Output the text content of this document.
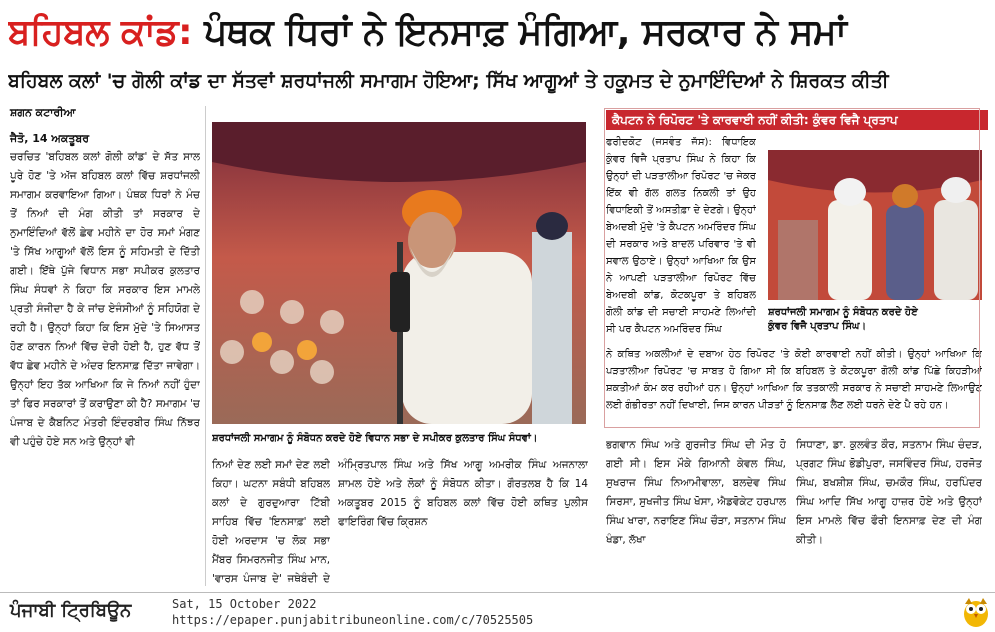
ਬਹਿਬਲ ਕਾਂਡ: ਪੰਥਕ ਧਿਰਾਂ ਨੇ ਇਨਸਾਫ਼ ਮੰਗਿਆ, ਸਰਕਾਰ ਨੇ ਸਮਾਂ
ਬਹਿਬਲ ਕਲਾਂ 'ਚ ਗੋਲੀ ਕਾਂਡ ਦਾ ਸੱਤਵਾਂ ਸ਼ਰਧਾਂਜਲੀ ਸਮਾਗਮ ਹੋਇਆ; ਸਿੱਖ ਆਗੂਆਂ ਤੇ ਹਕੂਮਤ ਦੇ ਨੁਮਾਇੰਦਿਆਂ ਨੇ ਸ਼ਿਰਕਤ ਕੀਤੀ
ਸ਼ਗਨ ਕਟਾਰੀਆ
ਜੈਤੋ, 14 ਅਕਤੂਬਰ
ਚਰਚਿਤ 'ਬਹਿਬਲ ਕਲਾਂ ਗੋਲੀ ਕਾਂਡ' ਦੇ ਸੱਤ ਸਾਲ ਪੂਰੇ ਹੋਣ 'ਤੇ ਅੱਜ ਬਹਿਬਲ ਕਲਾਂ ਵਿੱਚ ਸ਼ਰਧਾਂਜਲੀ ਸਮਾਗਮ ਕਰਵਾਇਆ ਗਿਆ। ਪੰਥਕ ਧਿਰਾਂ ਨੇ ਮੰਚ ਤੋਂ ਨਿਆਂ ਦੀ ਮੰਗ ਕੀਤੀ ਤਾਂ ਸਰਕਾਰ ਦੇ ਨੁਮਾਇੰਦਿਆਂ ਵੱਲੋਂ ਛੇਵ ਮਹੀਨੇ ਦਾ ਹੋਰ ਸਮਾਂ ਮੰਗਣ 'ਤੇ ਸਿੱਖ ਆਗੂਆਂ ਵੱਲੋਂ ਇਸ ਨੂੰ ਸਹਿਮਤੀ ਦੇ ਦਿੱਤੀ ਗਈ। ਇੱਥੇ ਪੁੱਜੇ ਵਿਧਾਨ ਸਭਾ ਸਪੀਕਰ ਕੁਲਤਾਰ ਸਿੰਘ ਸੰਧਵਾਂ ਨੇ ਕਿਹਾ ਕਿ ਸਰਕਾਰ ਇਸ ਮਾਮਲੇ ਪ੍ਰਤੀ ਸੰਜੀਦਾ ਹੈ ਕੇ ਜਾਂਚ ਏਜੰਸੀਆਂ ਨੂੰ ਸਹਿਯੋਗ ਦੇ ਰਹੀ ਹੈ। ਉਨ੍ਹਾਂ ਕਿਹਾ ਕਿ ਇਸ ਮੁੱਦੇ 'ਤੇ ਸਿਆਸਤ ਹੋਣ ਕਾਰਨ ਨਿਆਂ ਵਿੱਚ ਦੇਰੀ ਹੋਈ ਹੈ, ਹੁਣ ਵੱਧ ਤੋਂ ਵੱਧ ਛੇਵ ਮਹੀਨੇ ਦੇ ਅੰਦਰ ਇਨਸਾਫ਼ ਦਿੱਤਾ ਜਾਵੇਗਾ। ਉਨ੍ਹਾਂ ਇਹ ਤੱਕ ਆਖਿਆ ਕਿ ਜੇ ਨਿਆਂ ਨਹੀਂ ਹੁੰਦਾ ਤਾਂ ਫਿਰ ਸਰਕਾਰਾਂ ਤੋਂ ਕਰਾਉਣਾ ਕੀ ਹੈ? ਸਮਾਗਮ 'ਚ ਪੰਜਾਬ ਦੇ ਕੈਬਨਿਟ ਮੰਤਰੀ ਇੰਦਰਬੀਰ ਸਿੰਘ ਨਿੱਝਰ ਵੀ ਪਹੁੰਚੇ ਹੋਏ ਸਨ ਅਤੇ ਉਨ੍ਹਾਂ ਵੀ	ਸ਼ਰਧਾਂਜਲੀ ਸਮਾਗਮ ਨੂੰ ਸੰਬੋਧਨ ਕਰਦੇ ਹੋਏ ਵਿਧਾਨ ਸਭਾ ਦੇ ਸਪੀਕਰ ਕੁਲਤਾਰ ਸਿੰਘ ਸੰਧਵਾਂ।
ਨਿਆਂ ਦੇਣ ਲਈ ਸਮਾਂ ਦੇਣ ਲਈ ਕਿਹਾ। ਘਟਨਾ ਸਬੰਧੀ ਬਹਿਬਲ ਕਲਾਂ ਦੇ ਗੁਰਦੁਆਰਾ ਟਿੱਬੀ ਸਾਹਿਬ ਵਿੱਚ 'ਇਨਸਾਫ਼' ਲਈ ਹੋਈ ਅਰਦਾਸ 'ਚ ਲੋਕ ਸਭਾ ਮੈਂਬਰ ਸਿਮਰਨਜੀਤ ਸਿੰਘ ਮਾਨ, 'ਵਾਰਸ ਪੰਜਾਬ ਦੇ' ਜਥੇਬੰਦੀ ਦੇ
ਅੰਮ੍ਰਿਤਪਾਲ ਸਿੰਘ ਅਤੇ ਸਿੱਖ ਆਗੂ ਅਮਰੀਕ ਸਿੰਘ ਅਜਨਾਲਾ ਸ਼ਾਮਲ ਹੋਏ ਅਤੇ ਲੋਕਾਂ ਨੂੰ ਸੰਬੋਧਨ ਕੀਤਾ। ਗੌਰਤਲਬ ਹੈ ਕਿ 14 ਅਕਤੂਬਰ 2015 ਨੂੰ ਬਹਿਬਲ ਕਲਾਂ ਵਿੱਚ ਹੋਈ ਕਥਿਤ ਪੁਲੀਸ ਫਾਇਰਿੰਗ ਵਿੱਚ ਕ੍ਰਿਸ਼ਨ
ਭਗਵਾਨ ਸਿੰਘ ਅਤੇ ਗੁਰਜੀਤ ਸਿੰਘ ਦੀ ਮੌਤ ਹੋ ਗਈ ਸੀ। ਇਸ ਮੌਕੇ ਗਿਆਨੀ ਕੇਵਲ ਸਿੰਘ, ਸੁਖਰਾਜ ਸਿੰਘ ਨਿਆਮੀਵਾਲਾ, ਬਲਦੇਵ ਸਿੰਘ ਸਿਰਸਾ, ਸੁਖਜੀਤ ਸਿੰਘ ਖੋਸਾ, ਐਡਵੋਕੇਟ ਹਰਪਾਲ ਸਿੰਘ ਖਾਰਾ, ਨਰਾਇਣ ਸਿੰਘ ਚੌੜਾ, ਸਤਨਾਮ ਸਿੰਘ ਖੰਡਾ, ਲੱਖਾ
ਸਿਧਾਣਾ, ਡਾ. ਕੁਲਵੰਤ ਕੌਰ, ਸਤਨਾਮ ਸਿੰਘ ਚੰਦੜ, ਪ੍ਰਗਟ ਸਿੰਘ ਭੋਡੀਪੁਰਾ, ਜਸਵਿੰਦਰ ਸਿੰਘ, ਹਰਜੋਤ ਸਿੰਘ, ਬਖਸ਼ੀਸ਼ ਸਿੰਘ, ਚਮਕੌਰ ਸਿੰਘ, ਹਰਪਿੰਦਰ ਸਿੰਘ ਆਦਿ ਸਿੱਖ ਆਗੂ ਹਾਜ਼ਰ ਹੋਏ ਅਤੇ ਉਨ੍ਹਾਂ ਇਸ ਮਾਮਲੇ ਵਿੱਚ ਫੌਰੀ ਇਨਸਾਫ਼ ਦੇਣ ਦੀ ਮੰਗ ਕੀਤੀ।
ਕੈਪਟਨ ਨੇ ਰਿਪੋਰਟ 'ਤੇ ਕਾਰਵਾਈ ਨਹੀਂ ਕੀਤੀ: ਕੁੰਵਰ ਵਿਜੈ ਪ੍ਰਤਾਪ
ਫਰੀਦਕੋਟ (ਜਸਵੰਤ ਜੱਸ): ਵਿਧਾਇਕ ਕੁੰਵਰ ਵਿਜੈ ਪ੍ਰਤਾਪ ਸਿੰਘ ਨੇ ਕਿਹਾ ਕਿ ਉਨ੍ਹਾਂ ਦੀ ਪੜਤਾਲੀਆ ਰਿਪੋਰਟ 'ਚ ਜੇਕਰ ਇੱਕ ਵੀ ਗੱਲ ਗਲਤ ਨਿਕਲੀ ਤਾਂ ਉਹ ਵਿਧਾਇਕੀ ਤੋਂ ਅਸਤੀਫ਼ਾ ਦੇ ਦੇਣਗੇ। ਉਨ੍ਹਾਂ ਬੇਅਦਬੀ ਮੁੱਦੇ 'ਤੇ ਕੈਪਟਨ ਅਮਰਿੰਦਰ ਸਿੰਘ ਦੀ ਸਰਕਾਰ ਅਤੇ ਬਾਦਲ ਪਰਿਵਾਰ 'ਤੇ ਵੀ ਸਵਾਲ ਉਠਾਏ। ਉਨ੍ਹਾਂ ਆਖਿਆ ਕਿ ਉਸ ਨੇ ਆਪਣੀ ਪੜਤਾਲੀਆ ਰਿਪੋਰਟ ਵਿੱਚ ਬੇਅਦਬੀ ਕਾਂਡ, ਕੋਟਕਪੂਰਾ ਤੇ ਬਹਿਬਲ ਗੋਲੀ ਕਾਂਡ ਦੀ ਸਚਾਈ ਸਾਹਮਣੇ ਲਿਆਂਦੀ ਸੀ ਪਰ ਕੈਪਟਨ ਅਮਰਿੰਦਰ ਸਿੰਘ
ਸ਼ਰਧਾਂਜਲੀ ਸਮਾਗਮ ਨੂੰ ਸੰਬੋਧਨ ਕਰਦੇ ਹੋਏ
ਕੁੰਵਰ ਵਿਜੈ ਪ੍ਰਤਾਪ ਸਿੰਘ।
ਨੇ ਕਥਿਤ ਅਕਲੀਆਂ ਦੇ ਦਬਾਅ ਹੇਠ ਰਿਪੋਰਟ 'ਤੇ ਕੋਈ ਕਾਰਵਾਈ ਨਹੀਂ ਕੀਤੀ। ਉਨ੍ਹਾਂ ਆਖਿਆ ਕਿ ਪੜਤਾਲੀਆ ਰਿਪੋਰਟ 'ਚ ਸਾਬਤ ਹੋ ਗਿਆ ਸੀ ਕਿ ਬਹਿਬਲ ਤੇ ਕੋਟਕਪੂਰਾ ਗੋਲੀ ਕਾਂਡ ਪਿੱਛੇ ਕਿਹੜੀਆਂ ਸ਼ਕਤੀਆਂ ਕੰਮ ਕਰ ਰਹੀਆਂ ਹਨ। ਉਨ੍ਹਾਂ ਆਖਿਆ ਕਿ ਤਤਕਾਲੀ ਸਰਕਾਰ ਨੇ ਸਚਾਈ ਸਾਹਮਣੇ ਲਿਆਉਣ ਲਈ ਗੰਭੀਰਤਾ ਨਹੀਂ ਦਿਖਾਈ, ਜਿਸ ਕਾਰਨ ਪੀੜਤਾਂ ਨੂੰ ਇਨਸਾਫ਼ ਲੈਣ ਲਈ ਧਰਨੇ ਦੇਣੇ ਪੈ ਰਹੇ ਹਨ।
ਪੰਜਾਬੀ ਟ੍ਰਿਬਿਊਨ	Sat, 15 October 2022
https://epaper.punjabitribuneonline.com/c/70525505
